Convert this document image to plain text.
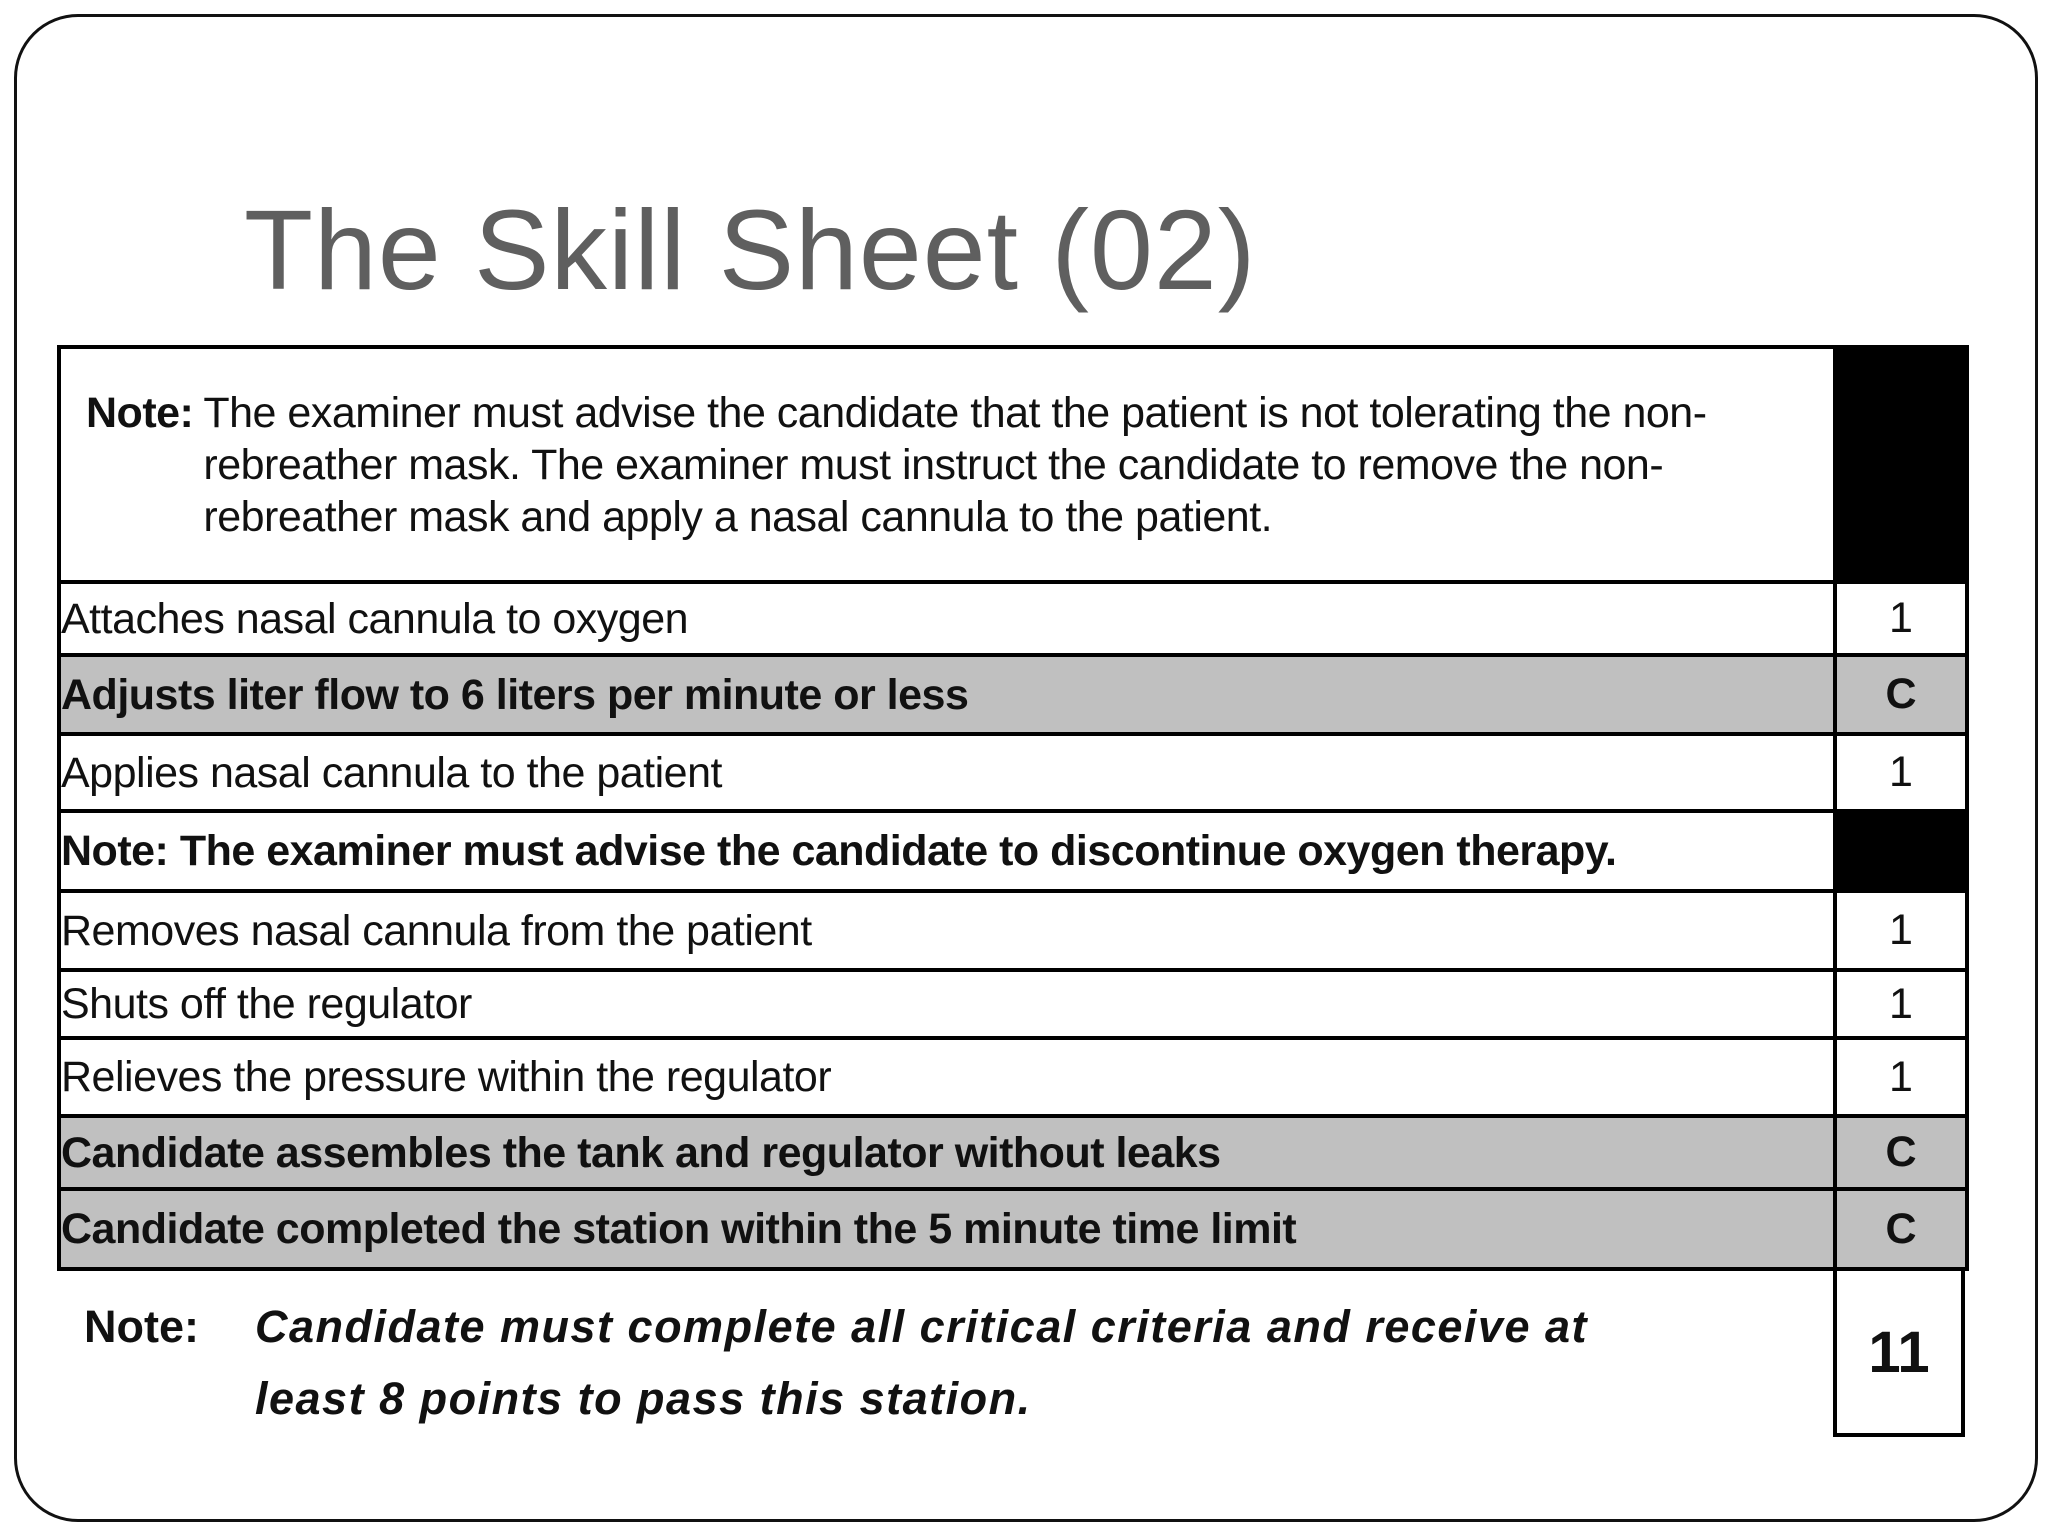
The Skill Sheet (02)
Note: The examiner must advise the candidate that the patient is not tolerating the non-rebreather mask. The examiner must instruct the candidate to remove the non-rebreather mask and apply a nasal cannula to the patient.	

Attaches nasal cannula to oxygen	1
Adjusts liter flow to 6 liters per minute or less	C
Applies nasal cannula to the patient	1
Note: The examiner must advise the candidate to discontinue oxygen therapy.	
Removes nasal cannula from the patient	1
Shuts off the regulator	1
Relieves the pressure within the regulator	1
Candidate assembles the tank and regulator without leaks	C
Candidate completed the station within the 5 minute time limit	C
Note:	Candidate must complete all critical criteria and receive at least 8 points to pass this station.
11
